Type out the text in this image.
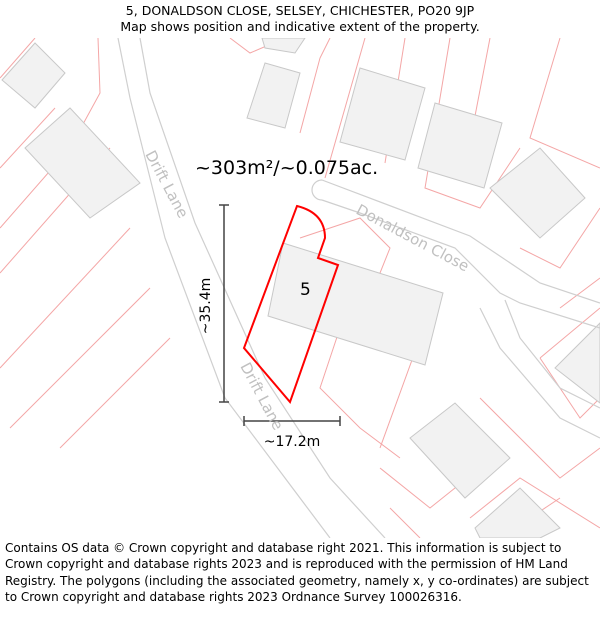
5, DONALDSON CLOSE, SELSEY, CHICHESTER, PO20 9JP
Map shows position and indicative extent of the property.
Drift Lane
Drift Lane
Donaldson Close
~303m²/~0.075ac.
5
~35.4m
~17.2m
Contains OS data © Crown copyright and database right 2021. This information is subject to Crown copyright and database rights 2023 and is reproduced with the permission of HM Land Registry. The polygons (including the associated geometry, namely x, y co-ordinates) are subject to Crown copyright and database rights 2023 Ordnance Survey 100026316.
